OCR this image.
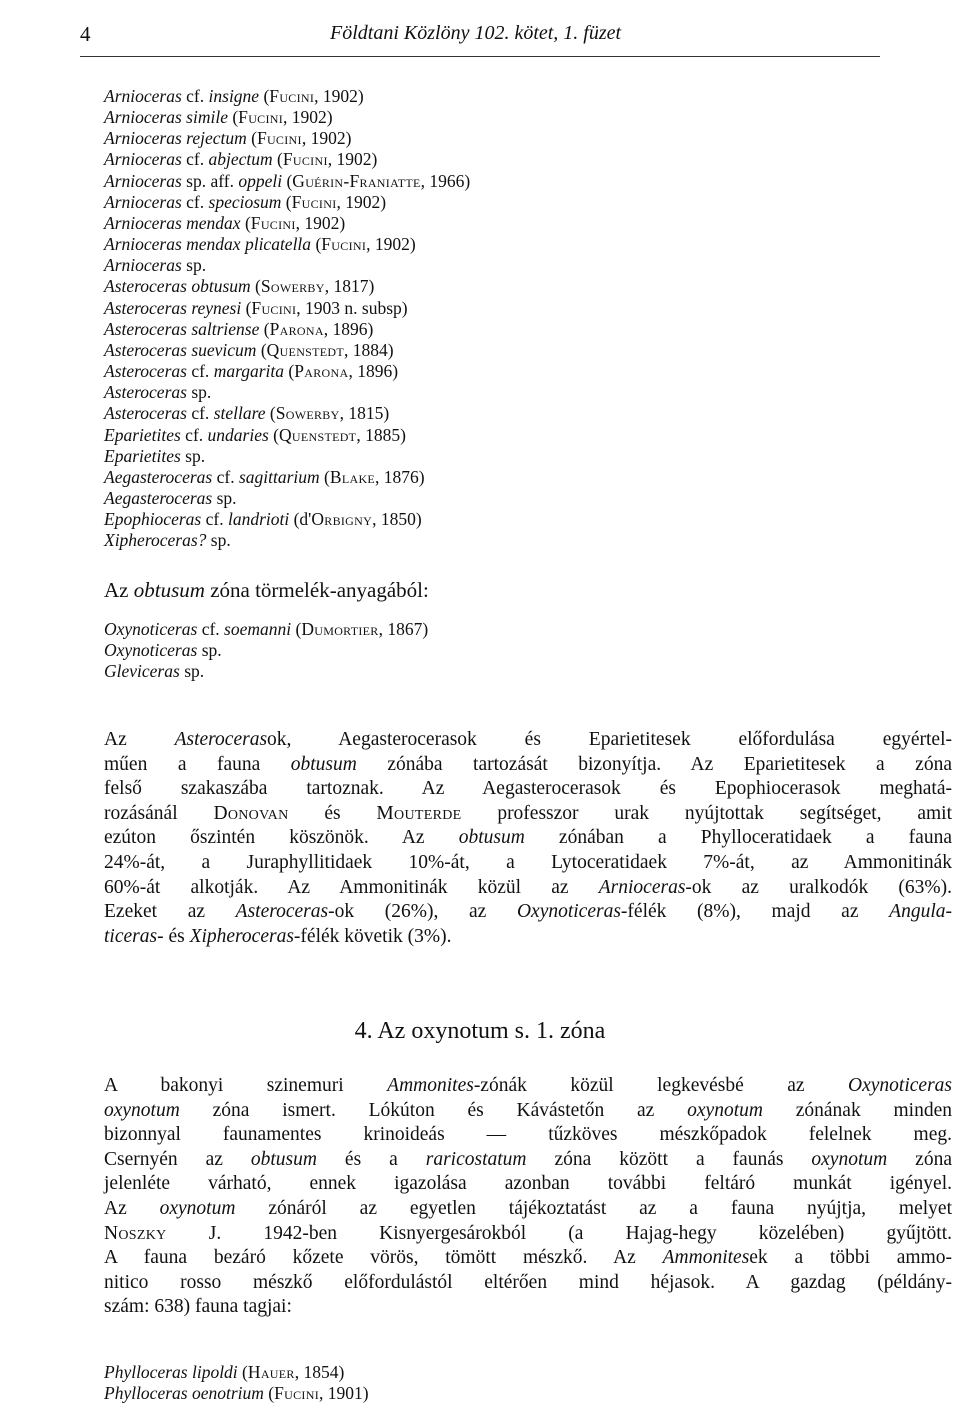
4	Földtani Közlöny 102. kötet, 1. füzet
Arnioceras cf. insigne (Fucini, 1902)
Arnioceras simile (Fucini, 1902)
Arnioceras rejectum (Fucini, 1902)
Arnioceras cf. abjectum (Fucini, 1902)
Arnioceras sp. aff. oppeli (Guérin-Franiatte, 1966)
Arnioceras cf. speciosum (Fucini, 1902)
Arnioceras mendax (Fucini, 1902)
Arnioceras mendax plicatella (Fucini, 1902)
Arnioceras sp.
Asteroceras obtusum (Sowerby, 1817)
Asteroceras reynesi (Fucini, 1903 n. subsp)
Asteroceras saltriense (Parona, 1896)
Asteroceras suevicum (Quenstedt, 1884)
Asteroceras cf. margarita (Parona, 1896)
Asteroceras sp.
Asteroceras cf. stellare (Sowerby, 1815)
Eparietites cf. undaries (Quenstedt, 1885)
Eparietites sp.
Aegasteroceras cf. sagittarium (Blake, 1876)
Aegasteroceras sp.
Epophioceras cf. landrioti (d'Orbigny, 1850)
Xipheroceras? sp.
Az obtusum zóna törmelék-anyagából:
Oxynoticeras cf. soemanni (Dumortier, 1867)
Oxynoticeras sp.
Gleviceras sp.
Az Asterocerasok, Aegasterocerasok és Eparietitesek előfordulása egyértel-
műen a fauna obtusum zónába tartozását bizonyítja. Az Eparietitesek a zóna
felső szakaszába tartoznak. Az Aegasterocerasok és Epophiocerasok meghatá-
rozásánál Donovan és Mouterde professzor urak nyújtottak segítséget, amit
ezúton őszintén köszönök. Az obtusum zónában a Phylloceratidaek a fauna
24%-át, a Juraphyllitidaek 10%-át, a Lytoceratidaek 7%-át, az Ammonitinák
60%-át alkotják. Az Ammonitinák közül az Arnioceras-ok az uralkodók (63%).
Ezeket az Asteroceras-ok (26%), az Oxynoticeras-félék (8%), majd az Angula-
ticeras- és Xipheroceras-félék követik (3%).
4. Az oxynotum s. 1. zóna
A bakonyi szinemuri Ammonites-zónák közül legkevésbé az Oxynoticeras
oxynotum zóna ismert. Lókúton és Kávástetőn az oxynotum zónának minden
bizonnyal faunamentes krinoideás — tűzköves mészkőpadok felelnek meg.
Csernyén az obtusum és a raricostatum zóna között a faunás oxynotum zóna
jelenléte várható, ennek igazolása azonban további feltáró munkát igényel.
Az oxynotum zónáról az egyetlen tájékoztatást az a fauna nyújtja, melyet
Noszky J. 1942-ben Kisnyergesárokból (a Hajag-hegy közelében) gyűjtött.
A fauna bezáró kőzete vörös, tömött mészkő. Az Ammonitesek a többi ammo-
nitico rosso mészkő előfordulástól eltérően mind héjasok. A gazdag (példány-
szám: 638) fauna tagjai:
Phylloceras lipoldi (Hauer, 1854)
Phylloceras oenotrium (Fucini, 1901)
